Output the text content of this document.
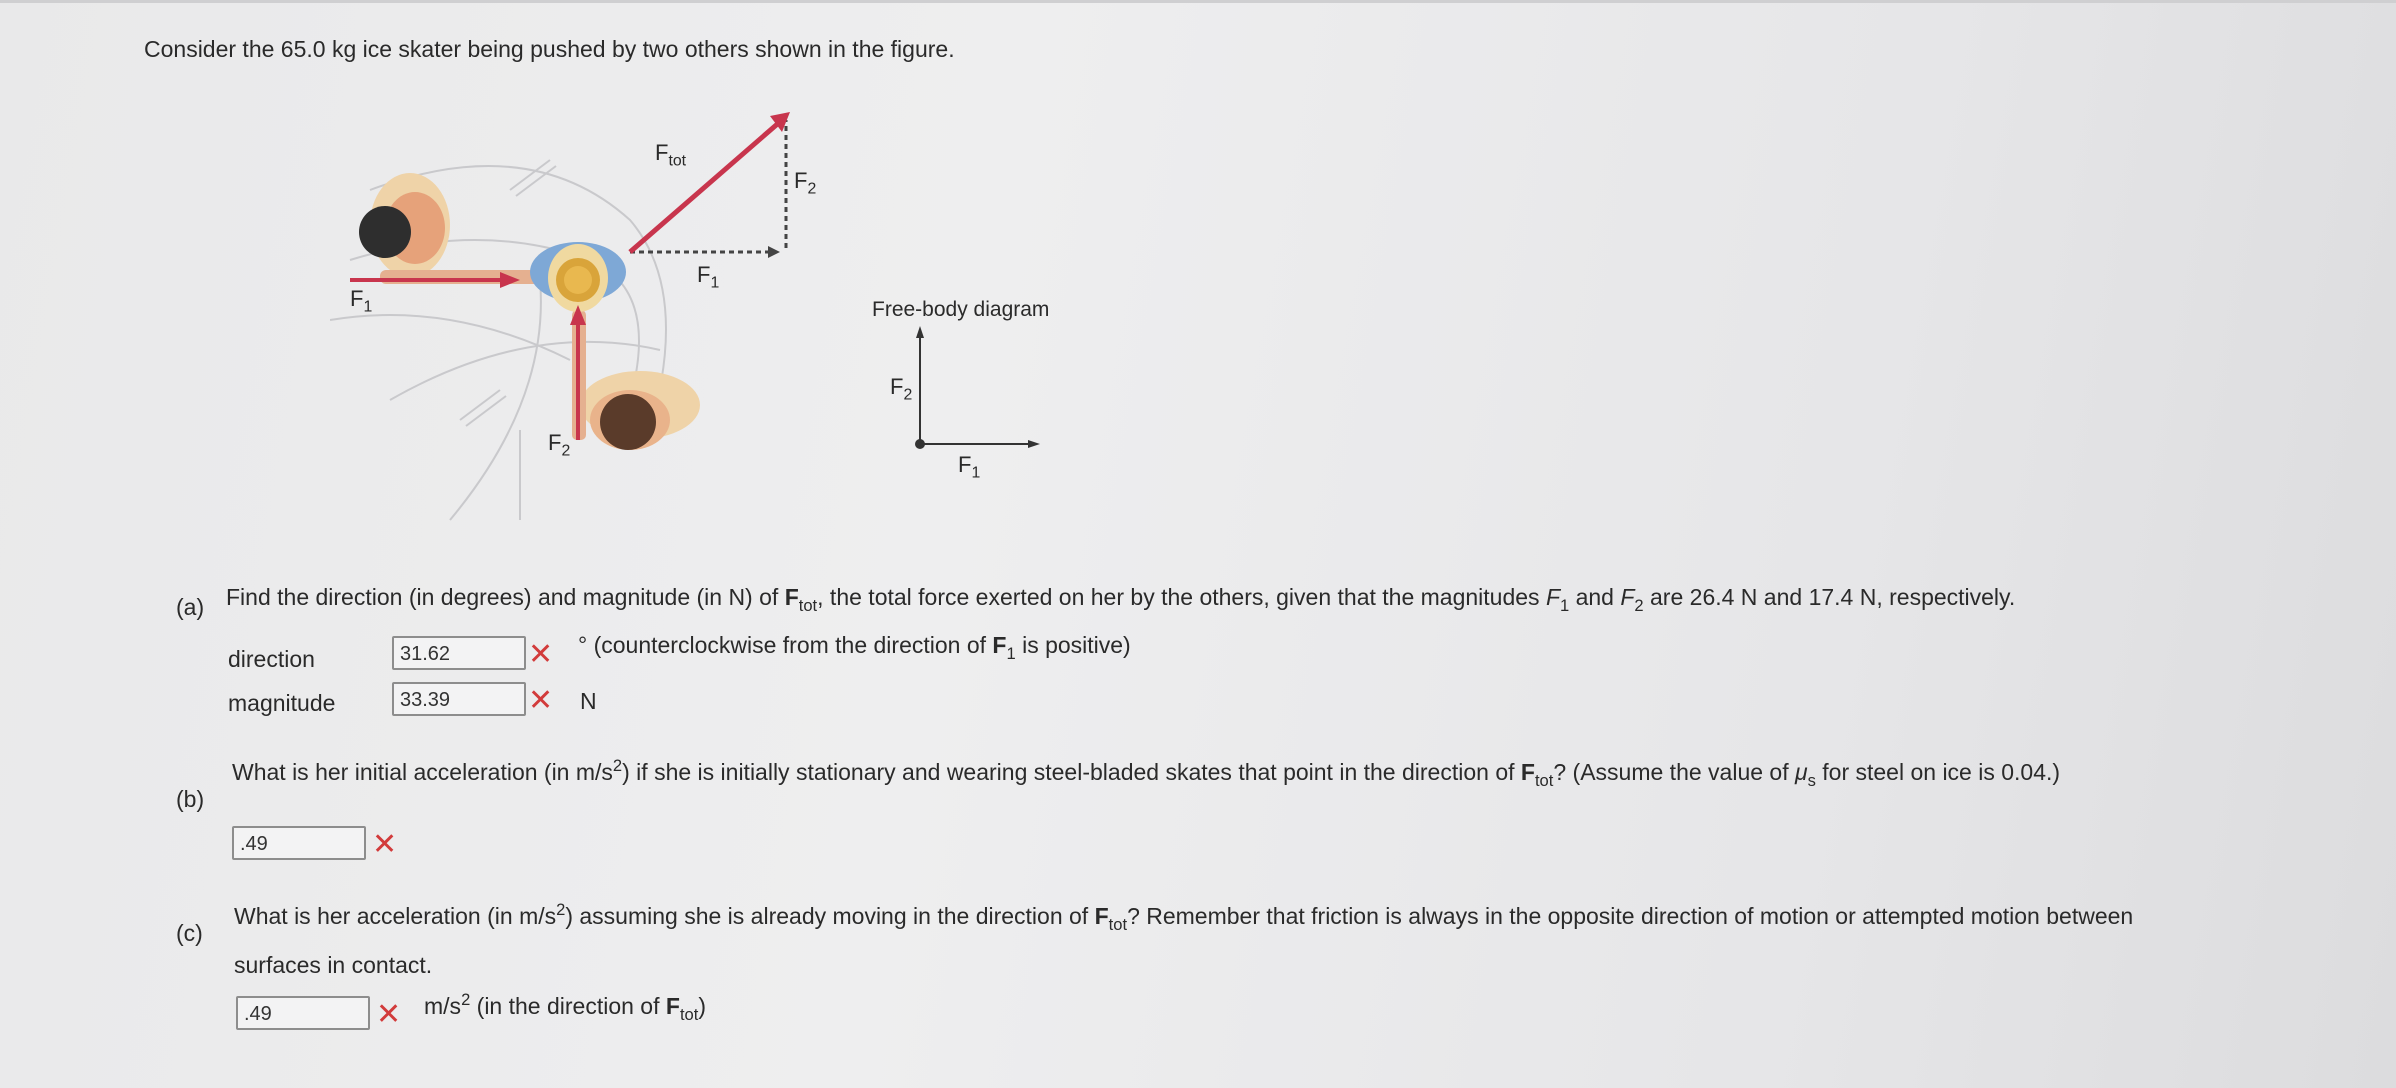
Consider the 65.0 kg ice skater being pushed by two others shown in the figure.
$F_{tot}$
$F_2$
$F_1$
$F_1$
$F_2$
Free-body diagram
$F_2$
$F_1$
(a) Find the direction (in degrees) and magnitude (in N) of $F_{tot}$, the total force exerted on her by the others, given that the magnitudes $F_1$ and $F_2$ are 26.4 N and 17.4 N, respectively.
direction	31.62	✕ ° (counterclockwise from the direction of $F_1$ is positive)
magnitude	33.39	✕ N
(b)
What is her initial acceleration (in $m/s^2$) if she is initially stationary and wearing steel-bladed skates that point in the direction of $F_{tot}$? (Assume the value of $\mu_s$ for steel on ice is 0.04.)
.49	✕
(c)
What is her acceleration (in $m/s^2$) assuming she is already moving in the direction of $F_{tot}$? Remember that friction is always in the opposite direction of motion or attempted motion between
surfaces in contact.
.49	✕ $m/s^2$ (in the direction of $F_{tot}$)
